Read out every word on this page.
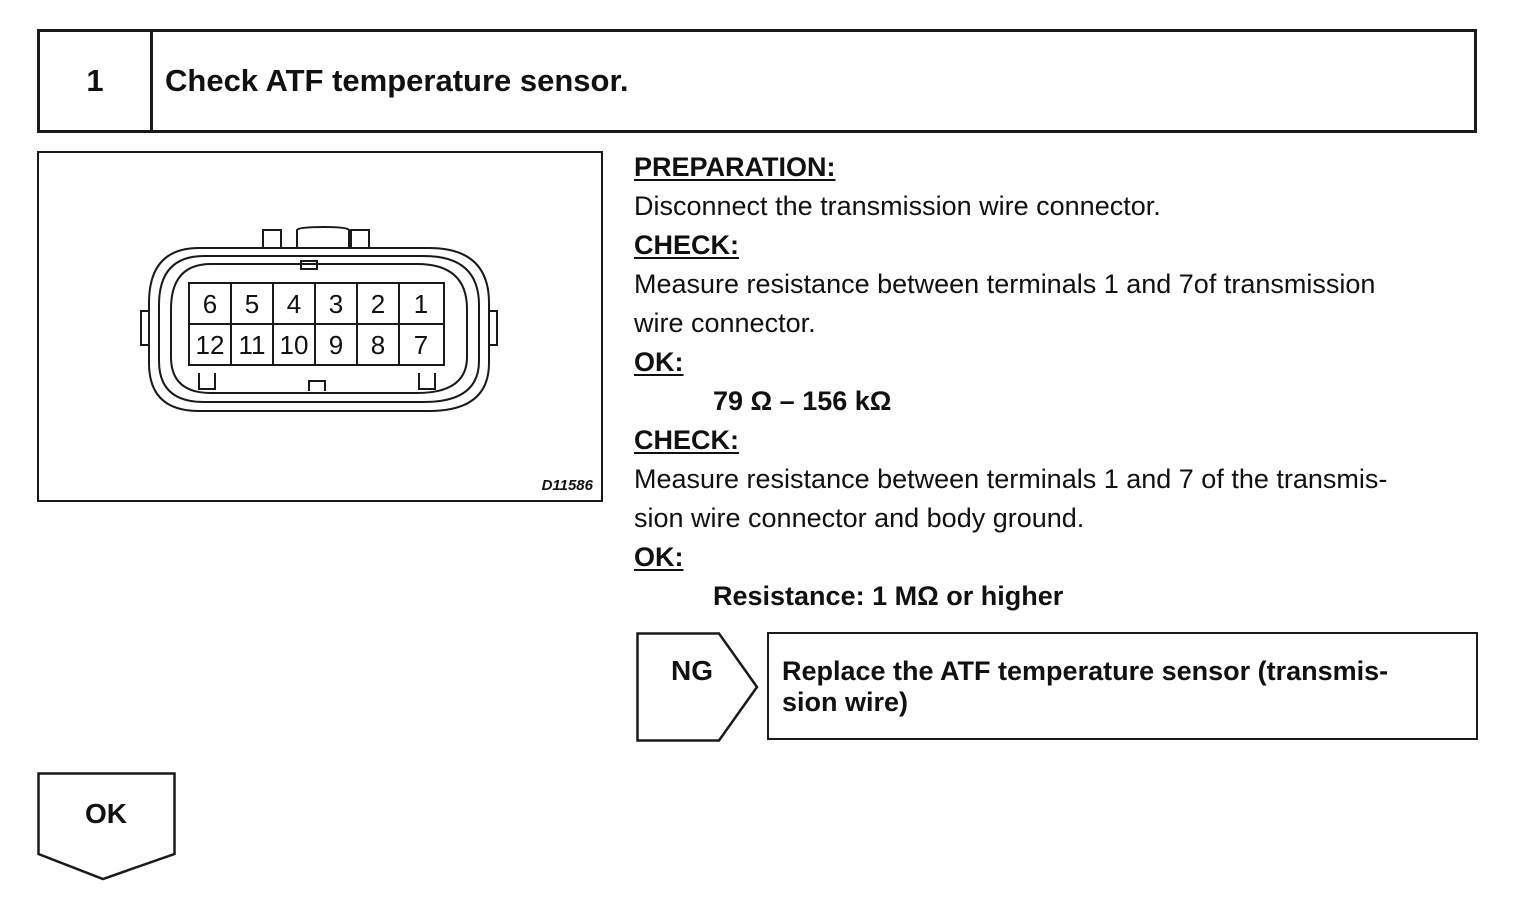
1	Check ATF temperature sensor.
6 5 4 3 2 1
12 11 10 9 8 7
D11586

PREPARATION:

Disconnect the transmission wire connector.

CHECK:

Measure resistance between terminals 1 and 7of transmission

wire connector.

OK:

79 Ω – 156 kΩ

CHECK:

Measure resistance between terminals 1 and 7 of the transmis-

sion wire connector and body ground.

OK:

Resistance: 1 MΩ or higher

NG	Replace the ATF temperature sensor (transmis-
sion wire)
OK
